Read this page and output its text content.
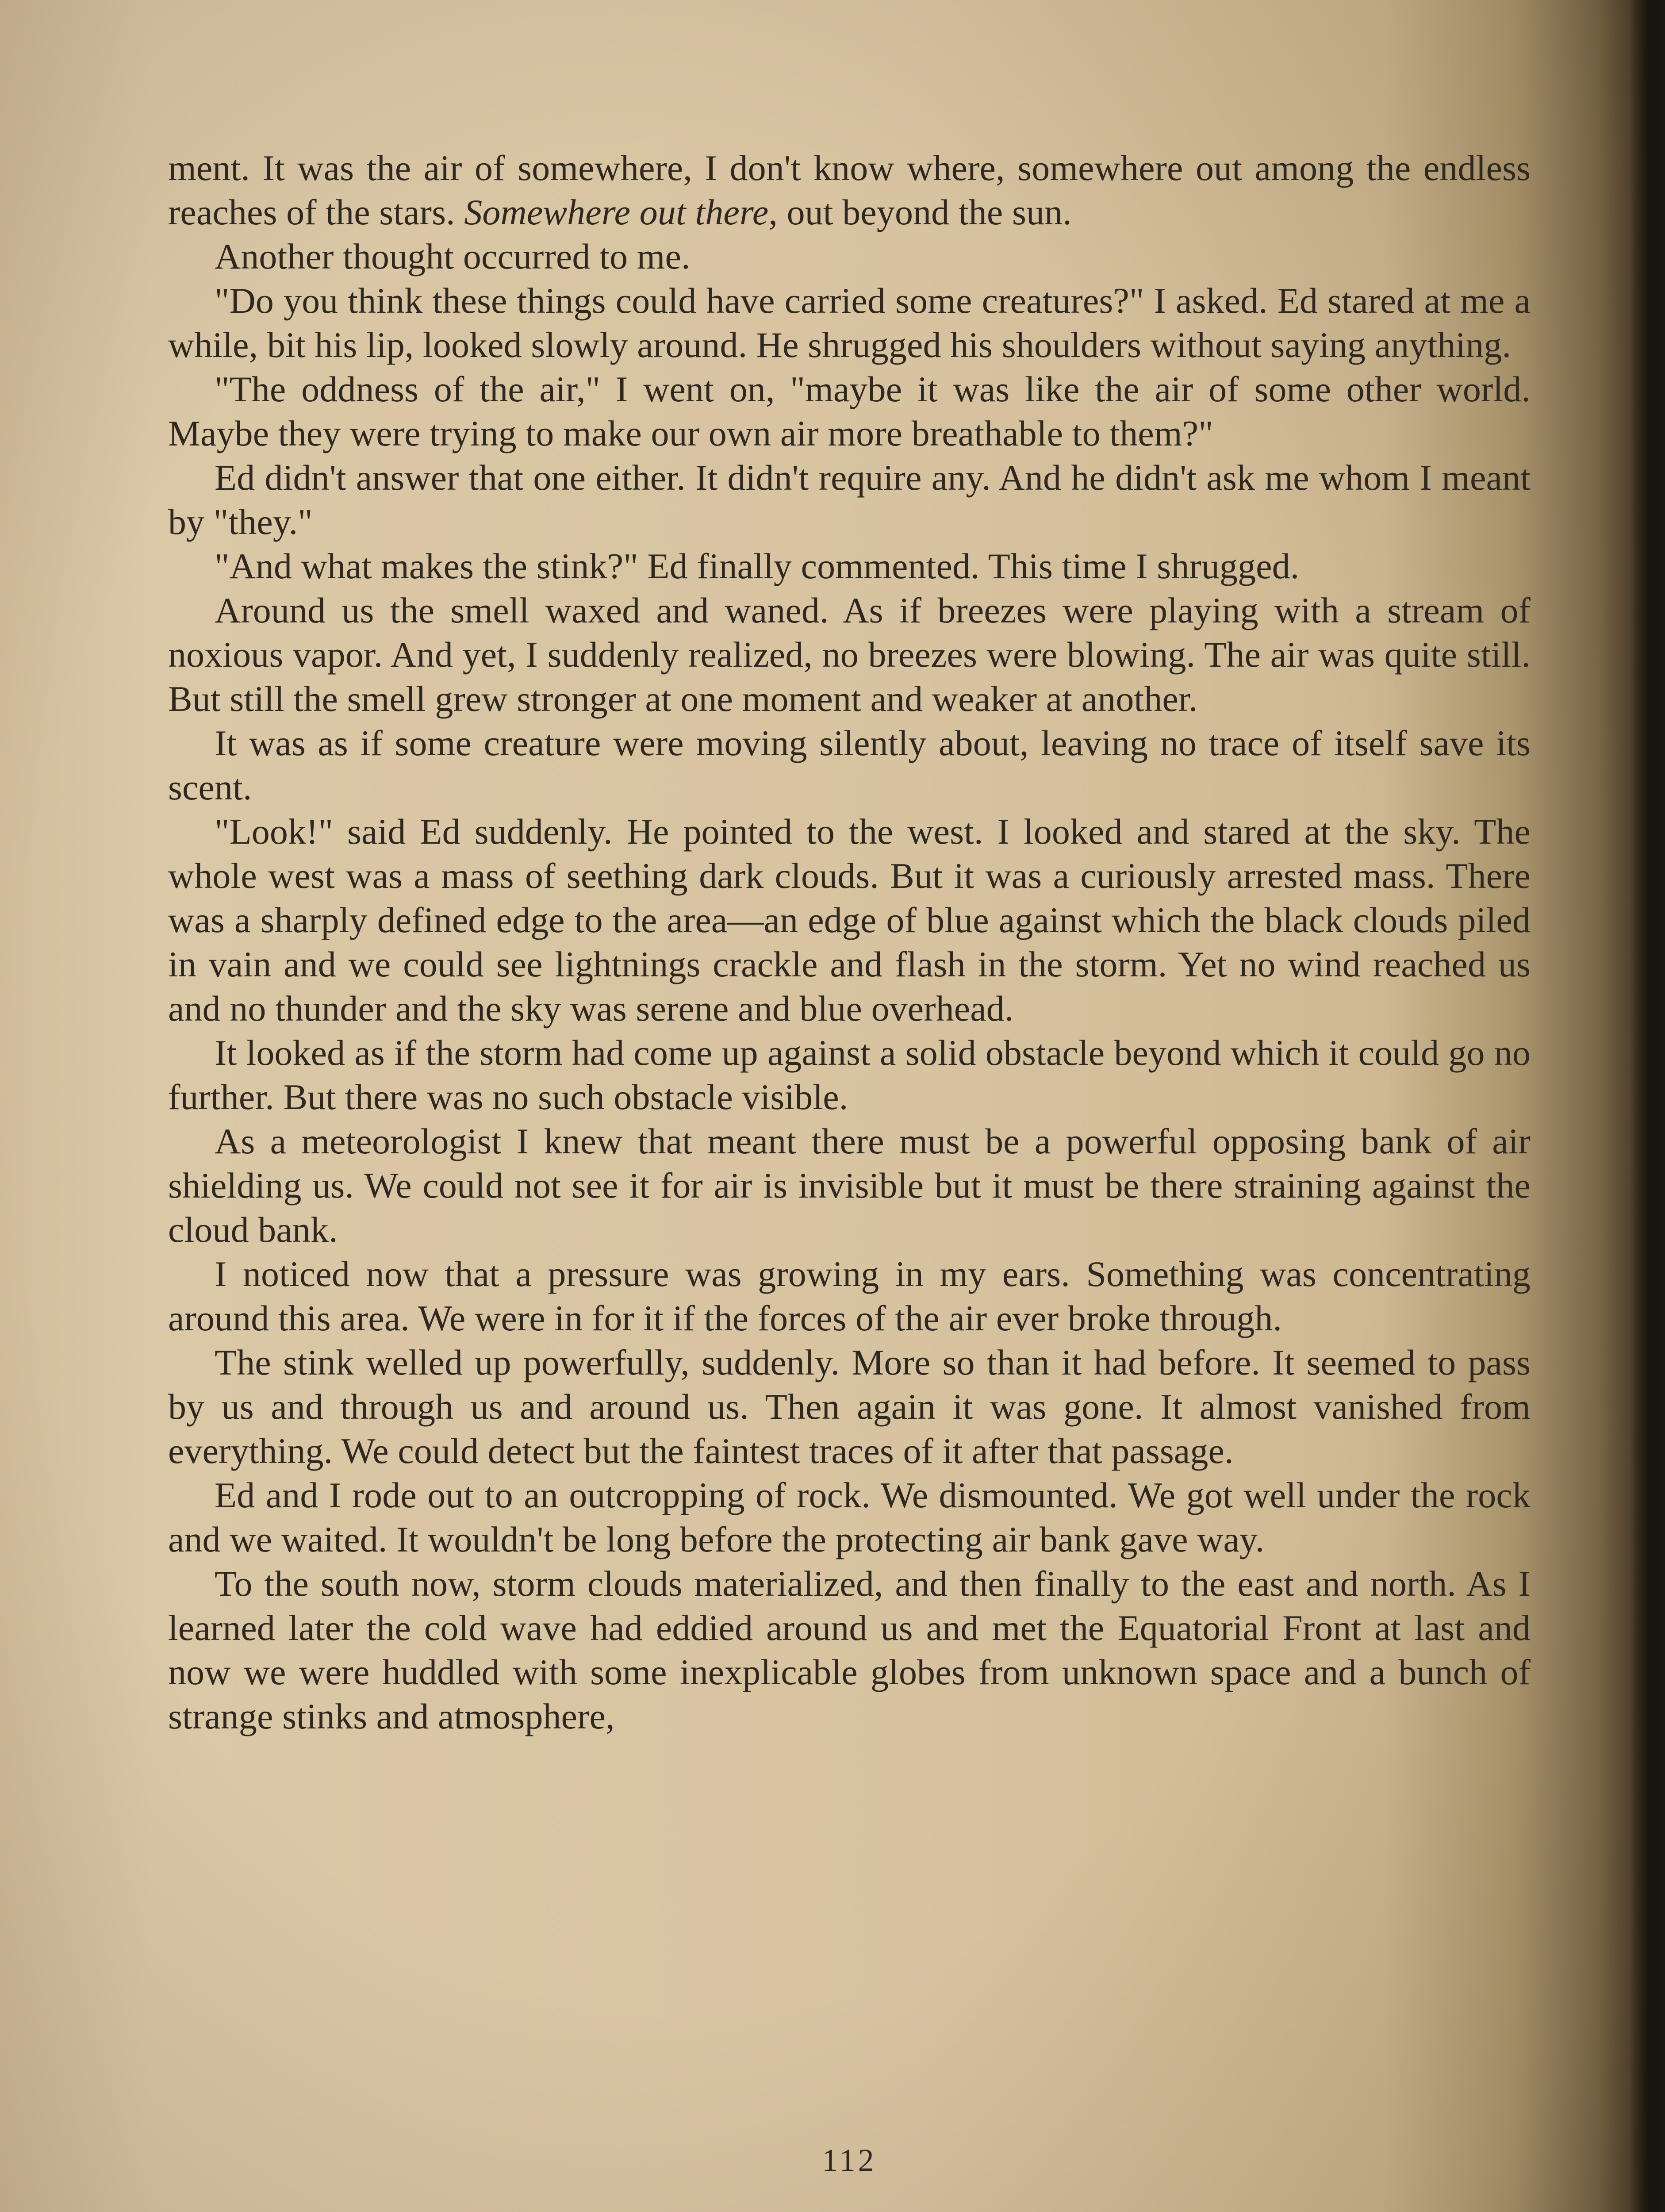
ment. It was the air of somewhere, I don't know where, somewhere out among the endless reaches of the stars. Somewhere out there, out beyond the sun.

Another thought occurred to me.

"Do you think these things could have carried some creatures?" I asked. Ed stared at me a while, bit his lip, looked slowly around. He shrugged his shoulders without saying anything.

"The oddness of the air," I went on, "maybe it was like the air of some other world. Maybe they were trying to make our own air more breathable to them?"

Ed didn't answer that one either. It didn't require any. And he didn't ask me whom I meant by "they."

"And what makes the stink?" Ed finally commented. This time I shrugged.

Around us the smell waxed and waned. As if breezes were playing with a stream of noxious vapor. And yet, I suddenly realized, no breezes were blowing. The air was quite still. But still the smell grew stronger at one moment and weaker at another.

It was as if some creature were moving silently about, leaving no trace of itself save its scent.

"Look!" said Ed suddenly. He pointed to the west. I looked and stared at the sky. The whole west was a mass of seething dark clouds. But it was a curiously arrested mass. There was a sharply defined edge to the area—an edge of blue against which the black clouds piled in vain and we could see lightnings crackle and flash in the storm. Yet no wind reached us and no thunder and the sky was serene and blue overhead.

It looked as if the storm had come up against a solid obstacle beyond which it could go no further. But there was no such obstacle visible.

As a meteorologist I knew that meant there must be a powerful opposing bank of air shielding us. We could not see it for air is invisible but it must be there straining against the cloud bank.

I noticed now that a pressure was growing in my ears. Something was concentrating around this area. We were in for it if the forces of the air ever broke through.

The stink welled up powerfully, suddenly. More so than it had before. It seemed to pass by us and through us and around us. Then again it was gone. It almost vanished from everything. We could detect but the faintest traces of it after that passage.

Ed and I rode out to an outcropping of rock. We dismounted. We got well under the rock and we waited. It wouldn't be long before the protecting air bank gave way.

To the south now, storm clouds materialized, and then finally to the east and north. As I learned later the cold wave had eddied around us and met the Equatorial Front at last and now we were huddled with some inexplicable globes from unknown space and a bunch of strange stinks and atmosphere,

112
